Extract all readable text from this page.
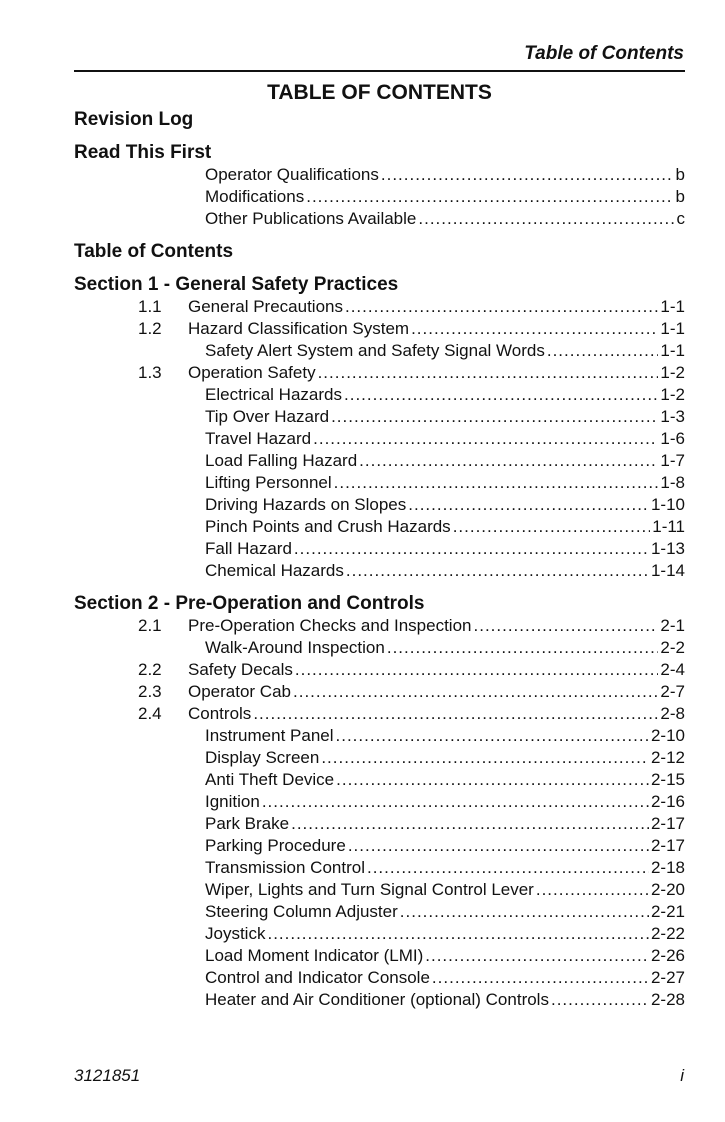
Table of Contents
TABLE OF CONTENTS
Revision Log
Read This First
Operator Qualifications .....	b
Modifications .....	b
Other Publications Available .....	c
Table of Contents
Section 1 - General Safety Practices
1.1	General Precautions .....	1-1
1.2	Hazard Classification System .....	1-1
Safety Alert System and Safety Signal Words .....	1-1
1.3	Operation Safety .....	1-2
Electrical Hazards .....	1-2
Tip Over Hazard .....	1-3
Travel Hazard .....	1-6
Load Falling Hazard .....	1-7
Lifting Personnel .....	1-8
Driving Hazards on Slopes .....	1-10
Pinch Points and Crush Hazards .....	1-11
Fall Hazard .....	1-13
Chemical Hazards .....	1-14
Section 2 - Pre-Operation and Controls
2.1	Pre-Operation Checks and Inspection .....	2-1
Walk-Around Inspection .....	2-2
2.2	Safety Decals .....	2-4
2.3	Operator Cab .....	2-7
2.4	Controls .....	2-8
Instrument Panel .....	2-10
Display Screen .....	2-12
Anti Theft Device .....	2-15
Ignition .....	2-16
Park Brake .....	2-17
Parking Procedure .....	2-17
Transmission Control .....	2-18
Wiper, Lights and Turn Signal Control Lever .....	2-20
Steering Column Adjuster .....	2-21
Joystick .....	2-22
Load Moment Indicator (LMI) .....	2-26
Control and Indicator Console .....	2-27
Heater and Air Conditioner (optional) Controls .....	2-28
3121851	i
